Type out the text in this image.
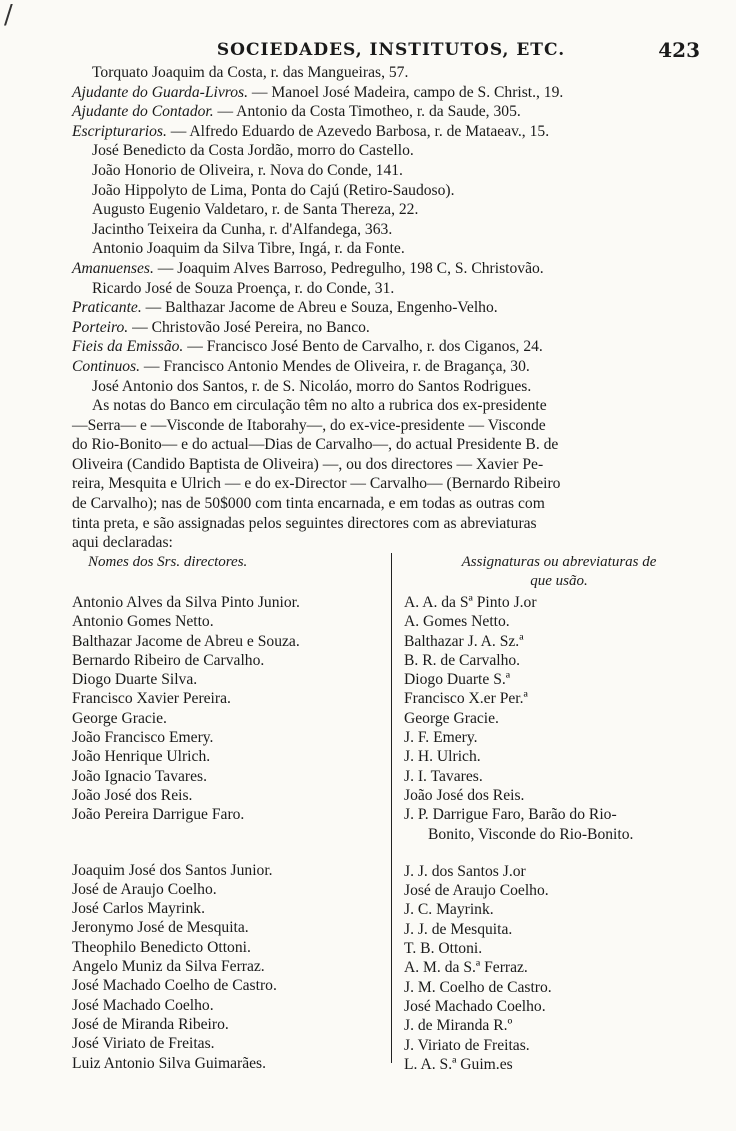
/
SOCIEDADES, INSTITUTOS, ETC.	423

Torquato Joaquim da Costa, r. das Mangueiras, 57.

Ajudante do Guarda-Livros. — Manoel José Madeira, campo de S. Christ., 19.

Ajudante do Contador. — Antonio da Costa Timotheo, r. da Saude, 305.

Escripturarios. — Alfredo Eduardo de Azevedo Barbosa, r. de Mataeav., 15.

José Benedicto da Costa Jordão, morro do Castello.

João Honorio de Oliveira, r. Nova do Conde, 141.

João Hippolyto de Lima, Ponta do Cajú (Retiro-Saudoso).

Augusto Eugenio Valdetaro, r. de Santa Thereza, 22.

Jacintho Teixeira da Cunha, r. d'Alfandega, 363.

Antonio Joaquim da Silva Tibre, Ingá, r. da Fonte.

Amanuenses. — Joaquim Alves Barroso, Pedregulho, 198 C, S. Christovão.

Ricardo José de Souza Proença, r. do Conde, 31.

Praticante. — Balthazar Jacome de Abreu e Souza, Engenho-Velho.

Porteiro. — Christovão José Pereira, no Banco.

Fieis da Emissão. — Francisco José Bento de Carvalho, r. dos Ciganos, 24.

Continuos. — Francisco Antonio Mendes de Oliveira, r. de Bragança, 30.

José Antonio dos Santos, r. de S. Nicoláo, morro do Santos Rodrigues.

As notas do Banco em circulação têm no alto a rubrica dos ex-presidente

—Serra— e —Visconde de Itaborahy—, do ex-vice-presidente — Visconde

do Rio-Bonito— e do actual—Dias de Carvalho—, do actual Presidente B. de

Oliveira (Candido Baptista de Oliveira) —, ou dos directores — Xavier Pe-

reira, Mesquita e Ulrich — e do ex-Director — Carvalho— (Bernardo Ribeiro

de Carvalho); nas de 50$000 com tinta encarnada, e em todas as outras com

tinta preta, e são assignadas pelos seguintes directores com as abreviaturas

aqui declaradas:

Nomes dos Srs. directores.
Antonio Alves da Silva Pinto Junior.
Antonio Gomes Netto.
Balthazar Jacome de Abreu e Souza.
Bernardo Ribeiro de Carvalho.
Diogo Duarte Silva.
Francisco Xavier Pereira.
George Gracie.
João Francisco Emery.
João Henrique Ulrich.
João Ignacio Tavares.
João José dos Reis.
João Pereira Darrigue Faro.
Joaquim José dos Santos Junior.
José de Araujo Coelho.
José Carlos Mayrink.
Jeronymo José de Mesquita.
Theophilo Benedicto Ottoni.
Angelo Muniz da Silva Ferraz.
José Machado Coelho de Castro.
José Machado Coelho.
José de Miranda Ribeiro.
José Viriato de Freitas.
Luiz Antonio Silva Guimarães.
Assignaturas ou abreviaturas de
que usão.
A. A. da Sª Pinto J.or
A. Gomes Netto.
Balthazar J. A. Sz.ª
B. R. de Carvalho.
Diogo Duarte S.ª
Francisco X.er Per.ª
George Gracie.
J. F. Emery.
J. H. Ulrich.
J. I. Tavares.
João José dos Reis.
J. P. Darrigue Faro, Barão do Rio-
Bonito, Visconde do Rio-Bonito.
J. J. dos Santos J.or
José de Araujo Coelho.
J. C. Mayrink.
J. J. de Mesquita.
T. B. Ottoni.
A. M. da S.ª Ferraz.
J. M. Coelho de Castro.
José Machado Coelho.
J. de Miranda R.º
J. Viriato de Freitas.
L. A. S.ª Guim.es
